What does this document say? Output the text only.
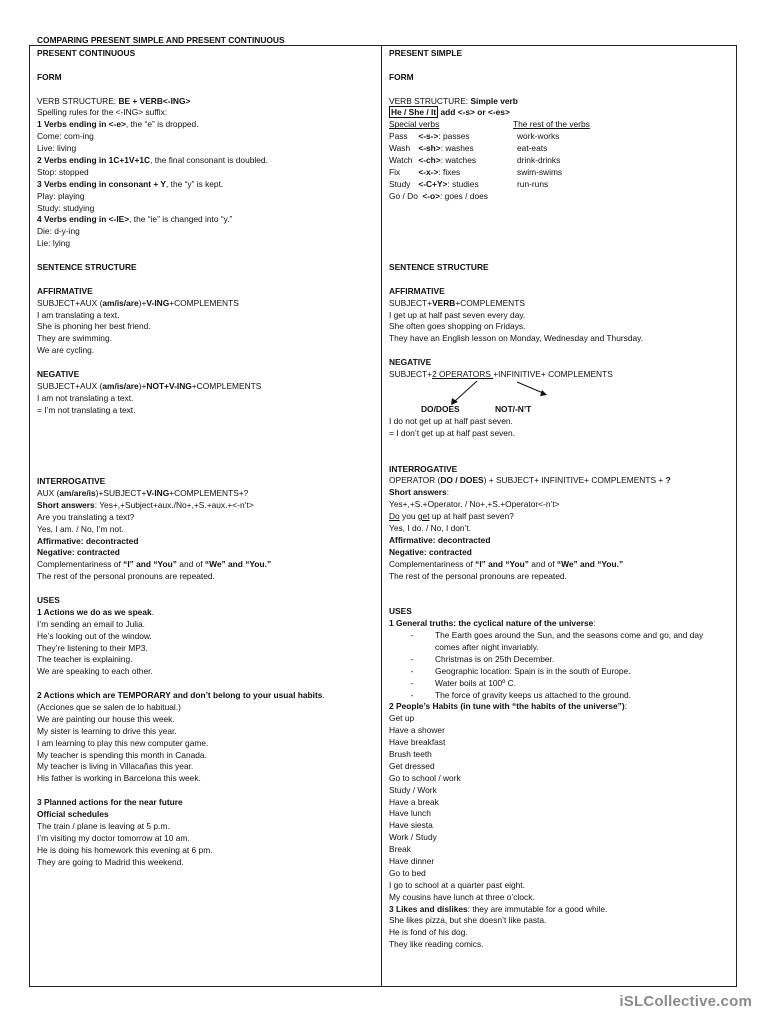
COMPARING PRESENT SIMPLE AND PRESENT CONTINUOUS
PRESENT CONTINUOUS
FORM
VERB STRUCTURE: BE + VERB<-ING>
Spelling rules for the <-ING> suffix:
1 Verbs ending in <-e>, the “e” is dropped.
Come: com-ing
Live: living
2 Verbs ending in 1C+1V+1C, the final consonant is doubled.
Stop: stopped
3 Verbs ending in consonant + Y, the “y” is kept.
Play: playing
Study: studying
4 Verbs ending in <-IE>, the “ie” is changed into “y.”
Die: d-y-ing
Lie: lying
SENTENCE STRUCTURE
AFFIRMATIVE
SUBJECT+AUX (am/is/are)+V-ING+COMPLEMENTS
I am translating a text.
She is phoning her best friend.
They are swimming.
We are cycling.
NEGATIVE
SUBJECT+AUX (am/is/are)+NOT+V-ING+COMPLEMENTS
I am not translating a text.
= I’m not translating a text.
INTERROGATIVE
AUX (am/are/is)+SUBJECT+V-ING+COMPLEMENTS+?
Short answers: Yes+,+Subject+aux./No+,+S.+aux.+<-n’t>
Are you translating a text?
Yes, I am. / No, I’m not.
Affirmative: decontracted
Negative: contracted
Complementariness of “I” and “You” and of “We” and “You.”
The rest of the personal pronouns are repeated.
USES
1 Actions we do as we speak.
I’m sending an email to Julia.
He’s looking out of the window.
They’re listening to their MP3.
The teacher is explaining.
We are speaking to each other.
2 Actions which are TEMPORARY and don’t belong to your usual habits.
(Acciones que se salen de lo habitual.)
We are painting our house this week.
My sister is learning to drive this year.
I am learning to play this new computer game.
My teacher is spending this month in Canada.
My teacher is living in Villacañas this year.
His father is working in Barcelona this week.
3 Planned actions for the near future
Official schedules
The train / plane is leaving at 5 p.m.
I’m visiting my doctor tomorrow at 10 am.
He is doing his homework this evening at 6 pm.
They are going to Madrid this weekend.
PRESENT SIMPLE
FORM
VERB STRUCTURE: Simple verb
He / She / It add <-s> or <-es>
Special verbs	The rest of the verbs
Pass <-s->: passes	work-works
Wash <-sh>: washes	eat-eats
Watch <-ch>: watches	drink-drinks
Fix <-x->: fixes	swim-swims
Study <-C+Y>: studies	run-runs
Go / Do <-o>: goes / does
SENTENCE STRUCTURE
AFFIRMATIVE
SUBJECT+VERB+COMPLEMENTS
I get up at half past seven every day.
She often goes shopping on Fridays.
They have an English lesson on Monday, Wednesday and Thursday.
NEGATIVE
SUBJECT+2 OPERATORS +INFINITIVE+ COMPLEMENTS
DO/DOES	NOT/-N’T
I do not get up at half past seven.
= I don’t get up at half past seven.
INTERROGATIVE
OPERATOR (DO / DOES) + SUBJECT+ INFINITIVE+ COMPLEMENTS + ?
Short answers:
Yes+,+S.+Operator. / No+,+S.+Operator<-n’t>
Do you get up at half past seven?
Yes, I do. / No, I don’t.
Affirmative: decontracted
Negative: contracted
Complementariness of “I” and “You” and of “We” and “You.”
The rest of the personal pronouns are repeated.
USES
1 General truths: the cyclical nature of the universe:
-	The Earth goes around the Sun, and the seasons come and go, and day comes after night invariably.
-	Christmas is on 25th December.
-	Geographic location: Spain is in the south of Europe.
-	Water boils at 100º C.
-	The force of gravity keeps us attached to the ground.
2 People’s Habits (in tune with “the habits of the universe”):
Get up
Have a shower
Have breakfast
Brush teeth
Get dressed
Go to school / work
Study / Work
Have a break
Have lunch
Have siesta
Work / Study
Break
Have dinner
Go to bed
I go to school at a quarter past eight.
My cousins have lunch at three o’clock.
3 Likes and dislikes: they are immutable for a good while.
She likes pizza, but she doesn’t like pasta.
He is fond of his dog.
They like reading comics.
iSLCollective.com
